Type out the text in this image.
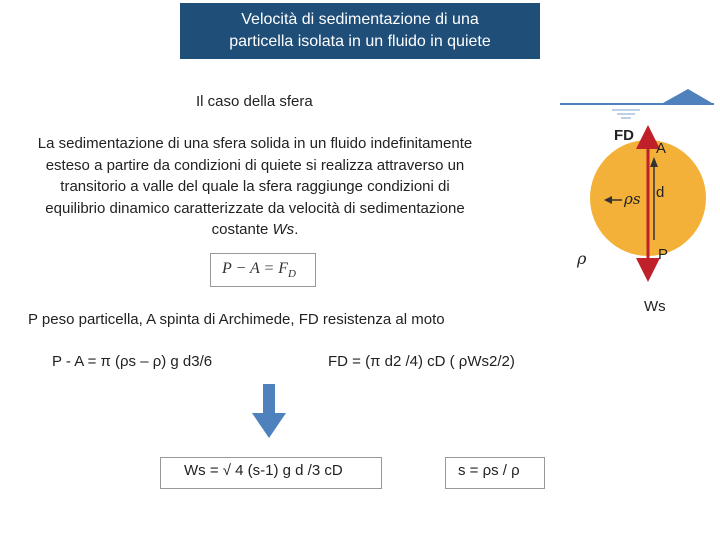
Velocità di sedimentazione di una
particella isolata in un fluido in quiete
Il caso della sfera
La sedimentazione di una sfera solida in un fluido indefinitamente
esteso a partire da condizioni di quiete si realizza attraverso un
transitorio a valle del quale la sfera raggiunge condizioni di
equilibrio dinamico caratterizzate da velocità di sedimentazione
costante Ws.
$P - A = F_D$
P peso particella, A spinta di Archimede, FD resistenza al moto
P - A = π (ρs – ρ) g d3/6	FD = (π d2 /4) cD ( ρWs2/2)
Ws = √ 4 (s-1) g d /3 cD	s = ρs / ρ
ρ
FD
A
ρs d
P
Ws
